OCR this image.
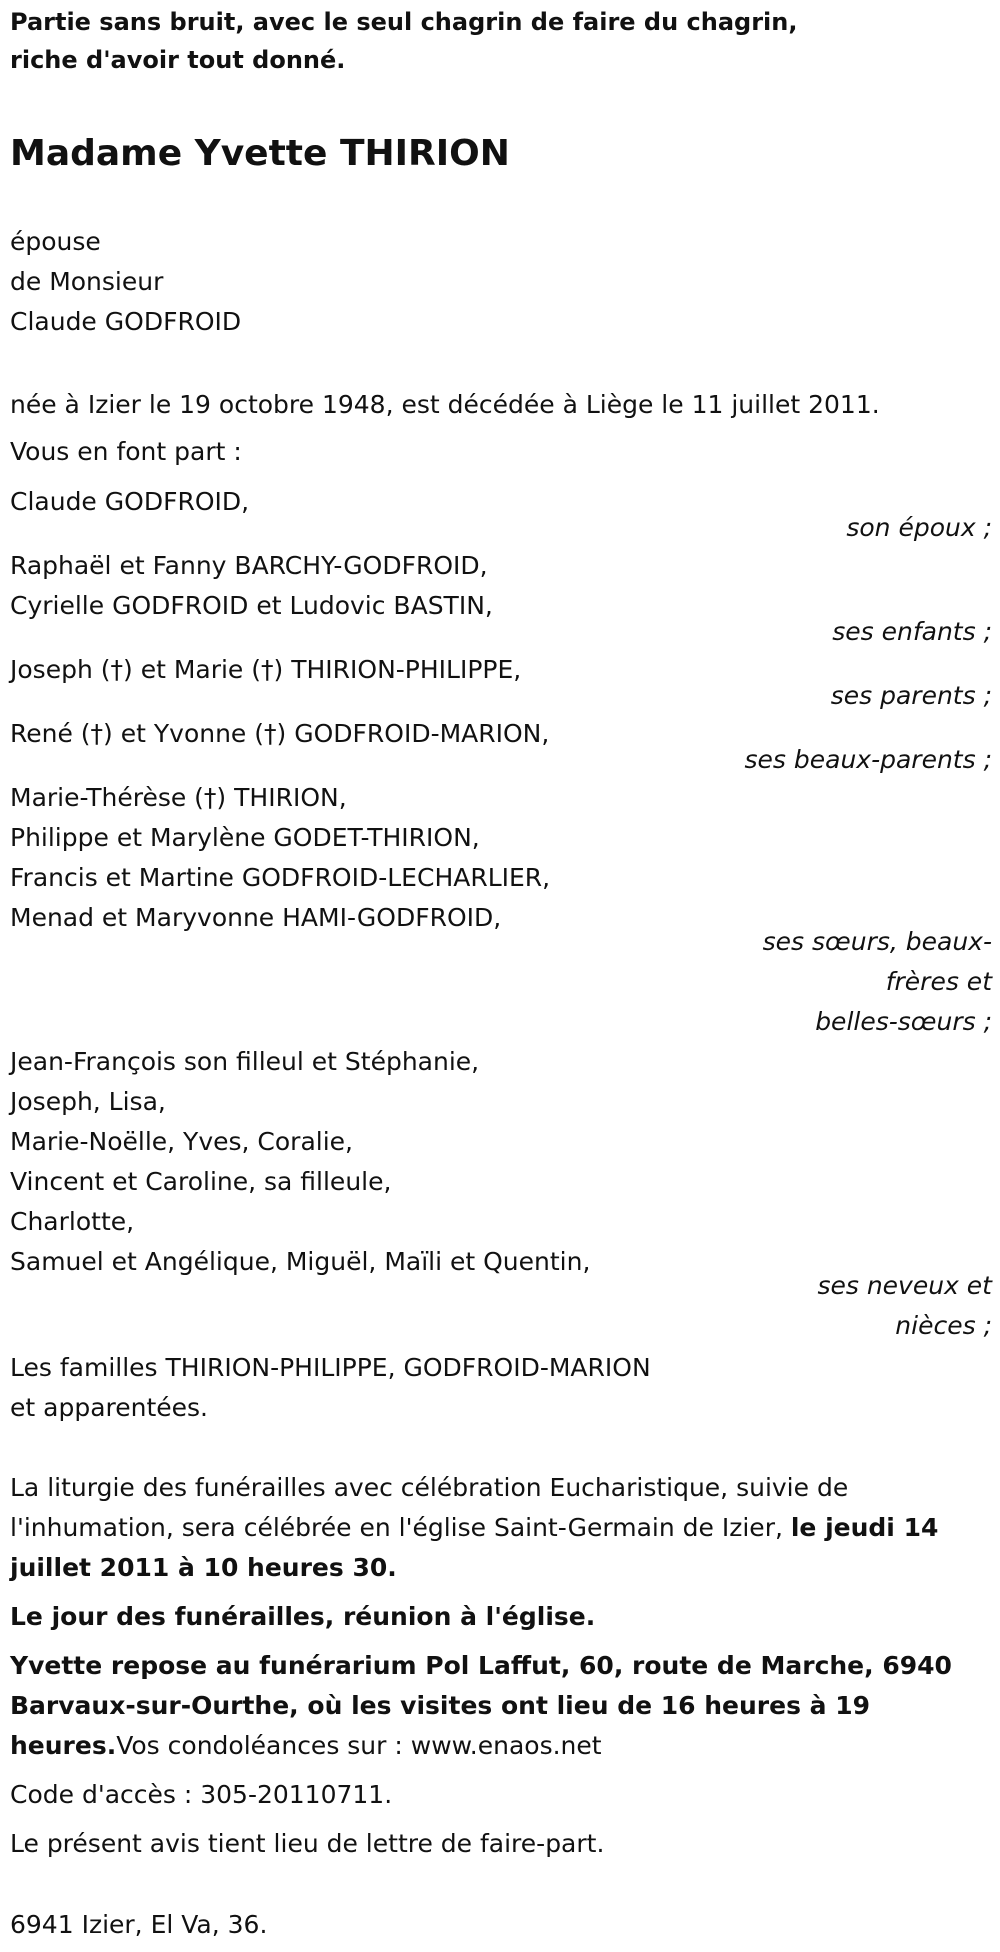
Partie sans bruit, avec le seul chagrin de faire du chagrin,
riche d'avoir tout donné.
Madame Yvette THIRION
épouse
de Monsieur
Claude GODFROID
née à Izier le 19 octobre 1948, est décédée à Liège le 11 juillet 2011.
Vous en font part :
Claude GODFROID,
son époux ;
Raphaël et Fanny BARCHY-GODFROID,
Cyrielle GODFROID et Ludovic BASTIN,
ses enfants ;
Joseph (†) et Marie (†) THIRION-PHILIPPE,
ses parents ;
René (†) et Yvonne (†) GODFROID-MARION,
ses beaux-parents ;
Marie-Thérèse (†) THIRION,
Philippe et Marylène GODET-THIRION,
Francis et Martine GODFROID-LECHARLIER,
Menad et Maryvonne HAMI-GODFROID,
ses sœurs, beaux-
frères et
belles-sœurs ;
Jean-François son filleul et Stéphanie,
Joseph, Lisa,
Marie-Noëlle, Yves, Coralie,
Vincent et Caroline, sa filleule,
Charlotte,
Samuel et Angélique, Miguël, Maïli et Quentin,
ses neveux et
nièces ;
Les familles THIRION-PHILIPPE, GODFROID-MARION
et apparentées.
La liturgie des funérailles avec célébration Eucharistique, suivie de
l'inhumation, sera célébrée en l'église Saint-Germain de Izier, le jeudi 14
juillet 2011 à 10 heures 30.
Le jour des funérailles, réunion à l'église.
Yvette repose au funérarium Pol Laffut, 60, route de Marche, 6940
Barvaux-sur-Ourthe, où les visites ont lieu de 16 heures à 19
heures.Vos condoléances sur : www.enaos.net
Code d'accès : 305-20110711.
Le présent avis tient lieu de lettre de faire-part.
6941 Izier, El Va, 36.
